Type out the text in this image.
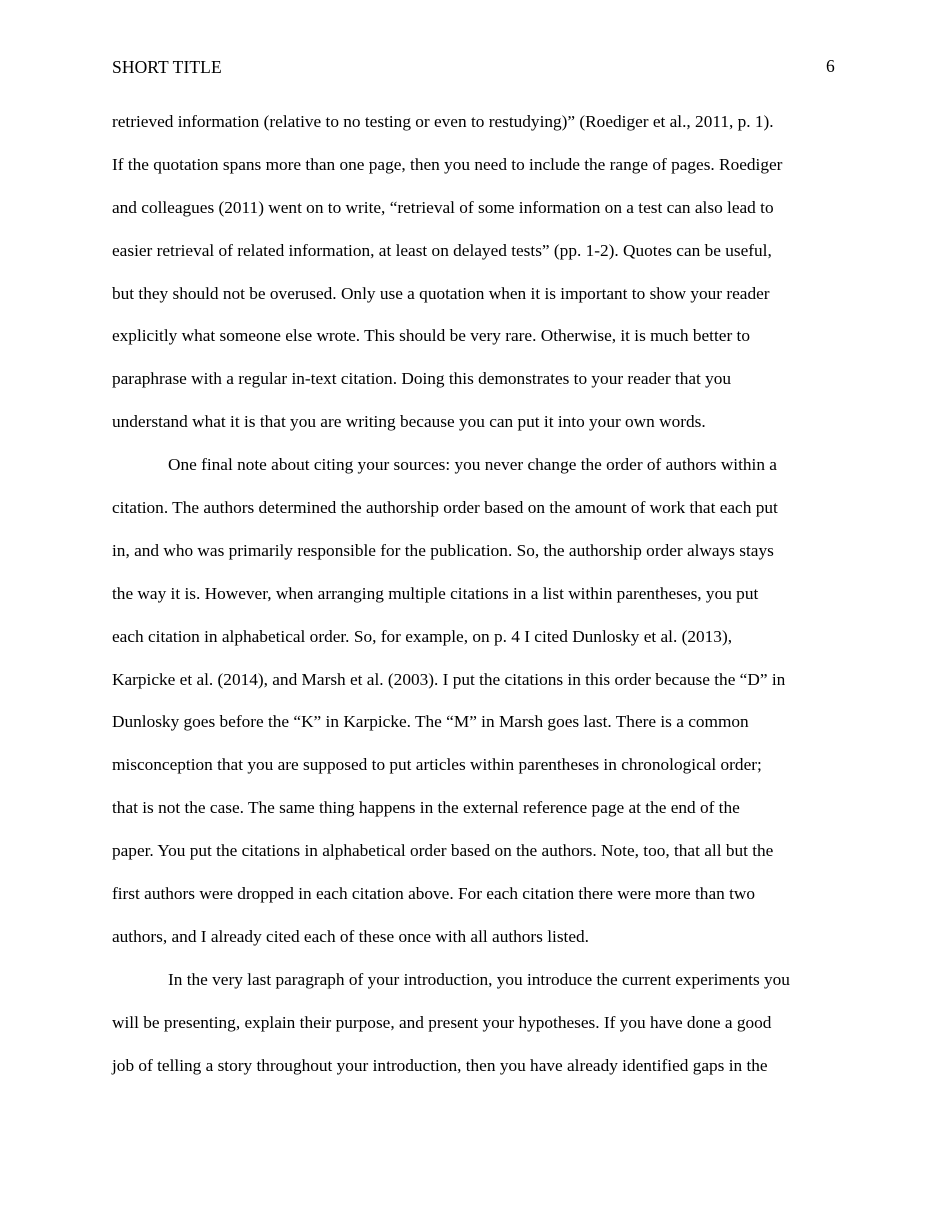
SHORT TITLE	6
retrieved information (relative to no testing or even to restudying)” (Roediger et al., 2011, p. 1).
If the quotation spans more than one page, then you need to include the range of pages. Roediger
and colleagues (2011) went on to write, “retrieval of some information on a test can also lead to
easier retrieval of related information, at least on delayed tests” (pp. 1-2). Quotes can be useful,
but they should not be overused. Only use a quotation when it is important to show your reader
explicitly what someone else wrote. This should be very rare. Otherwise, it is much better to
paraphrase with a regular in-text citation. Doing this demonstrates to your reader that you
understand what it is that you are writing because you can put it into your own words.
One final note about citing your sources: you never change the order of authors within a
citation. The authors determined the authorship order based on the amount of work that each put
in, and who was primarily responsible for the publication. So, the authorship order always stays
the way it is. However, when arranging multiple citations in a list within parentheses, you put
each citation in alphabetical order. So, for example, on p. 4 I cited Dunlosky et al. (2013),
Karpicke et al. (2014), and Marsh et al. (2003). I put the citations in this order because the “D” in
Dunlosky goes before the “K” in Karpicke. The “M” in Marsh goes last. There is a common
misconception that you are supposed to put articles within parentheses in chronological order;
that is not the case. The same thing happens in the external reference page at the end of the
paper. You put the citations in alphabetical order based on the authors. Note, too, that all but the
first authors were dropped in each citation above. For each citation there were more than two
authors, and I already cited each of these once with all authors listed.
In the very last paragraph of your introduction, you introduce the current experiments you
will be presenting, explain their purpose, and present your hypotheses. If you have done a good
job of telling a story throughout your introduction, then you have already identified gaps in the
